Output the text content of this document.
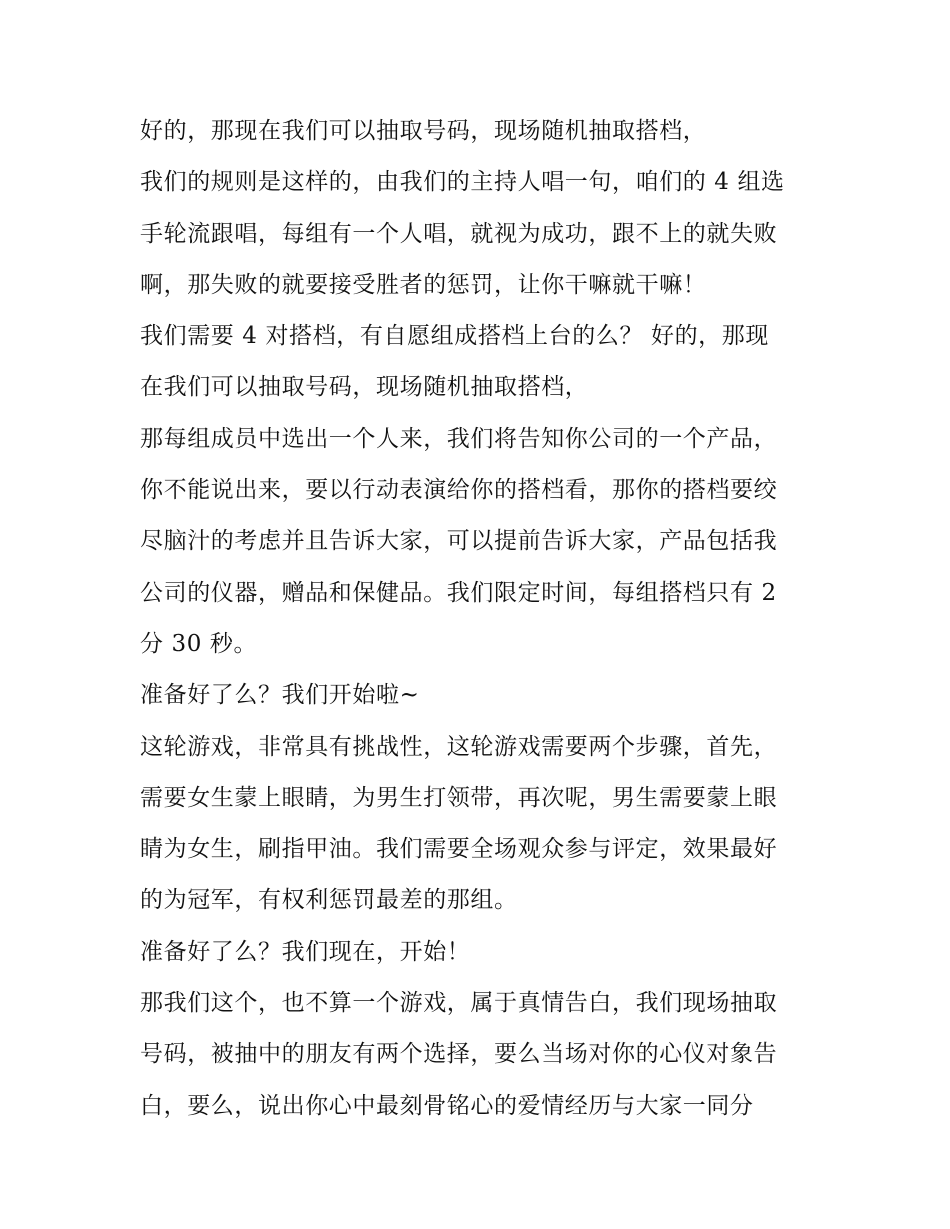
好的，那现在我们可以抽取号码，现场随机抽取搭档，
我们的规则是这样的，由我们的主持人唱一句，咱们的 4 组选
手轮流跟唱，每组有一个人唱，就视为成功，跟不上的就失败
啊，那失败的就要接受胜者的惩罚，让你干嘛就干嘛！
我们需要 4 对搭档，有自愿组成搭档上台的么？ 好的，那现
在我们可以抽取号码，现场随机抽取搭档，
那每组成员中选出一个人来，我们将告知你公司的一个产品，
你不能说出来，要以行动表演给你的搭档看，那你的搭档要绞
尽脑汁的考虑并且告诉大家，可以提前告诉大家，产品包括我
公司的仪器，赠品和保健品。我们限定时间，每组搭档只有 2
分 30 秒。
准备好了么？我们开始啦~
这轮游戏，非常具有挑战性，这轮游戏需要两个步骤，首先，
需要女生蒙上眼睛，为男生打领带，再次呢，男生需要蒙上眼
睛为女生，刷指甲油。我们需要全场观众参与评定，效果最好
的为冠军，有权利惩罚最差的那组。
准备好了么？我们现在，开始！
那我们这个，也不算一个游戏，属于真情告白，我们现场抽取
号码，被抽中的朋友有两个选择，要么当场对你的心仪对象告
白，要么，说出你心中最刻骨铭心的爱情经历与大家一同分
